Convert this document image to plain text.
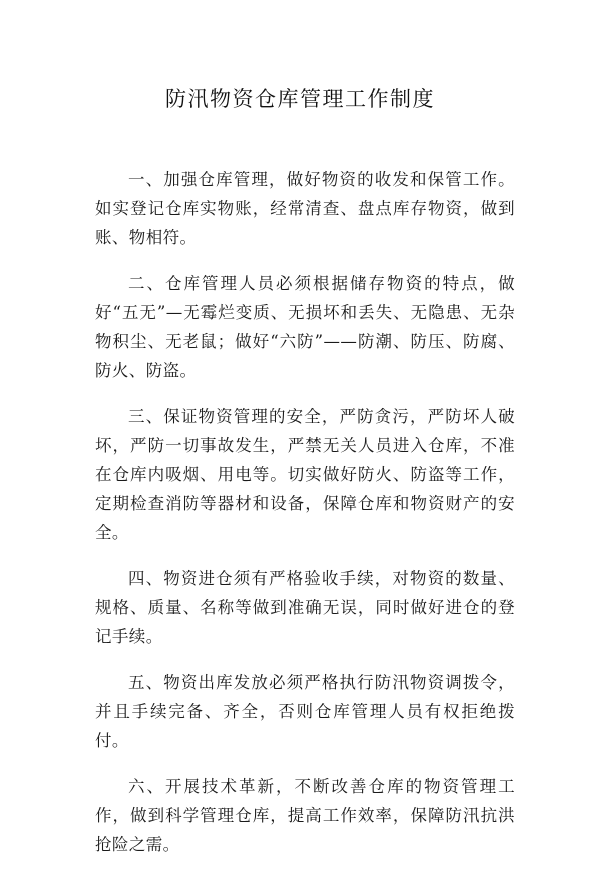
防汛物资仓库管理工作制度

一、加强仓库管理，做好物资的收发和保管工作。如实登记仓库实物账，经常清查、盘点库存物资，做到账、物相符。

二、仓库管理人员必须根据储存物资的特点，做好“五无”—无霉烂变质、无损坏和丢失、无隐患、无杂物积尘、无老鼠；做好“六防”——防潮、防压、防腐、防火、防盗。

三、保证物资管理的安全，严防贪污，严防坏人破坏，严防一切事故发生，严禁无关人员进入仓库，不准在仓库内吸烟、用电等。切实做好防火、防盗等工作，定期检查消防等器材和设备，保障仓库和物资财产的安全。

四、物资进仓须有严格验收手续，对物资的数量、规格、质量、名称等做到准确无误，同时做好进仓的登记手续。

五、物资出库发放必须严格执行防汛物资调拨令，并且手续完备、齐全，否则仓库管理人员有权拒绝拨付。

六、开展技术革新，不断改善仓库的物资管理工作，做到科学管理仓库，提高工作效率，保障防汛抗洪抢险之需。
